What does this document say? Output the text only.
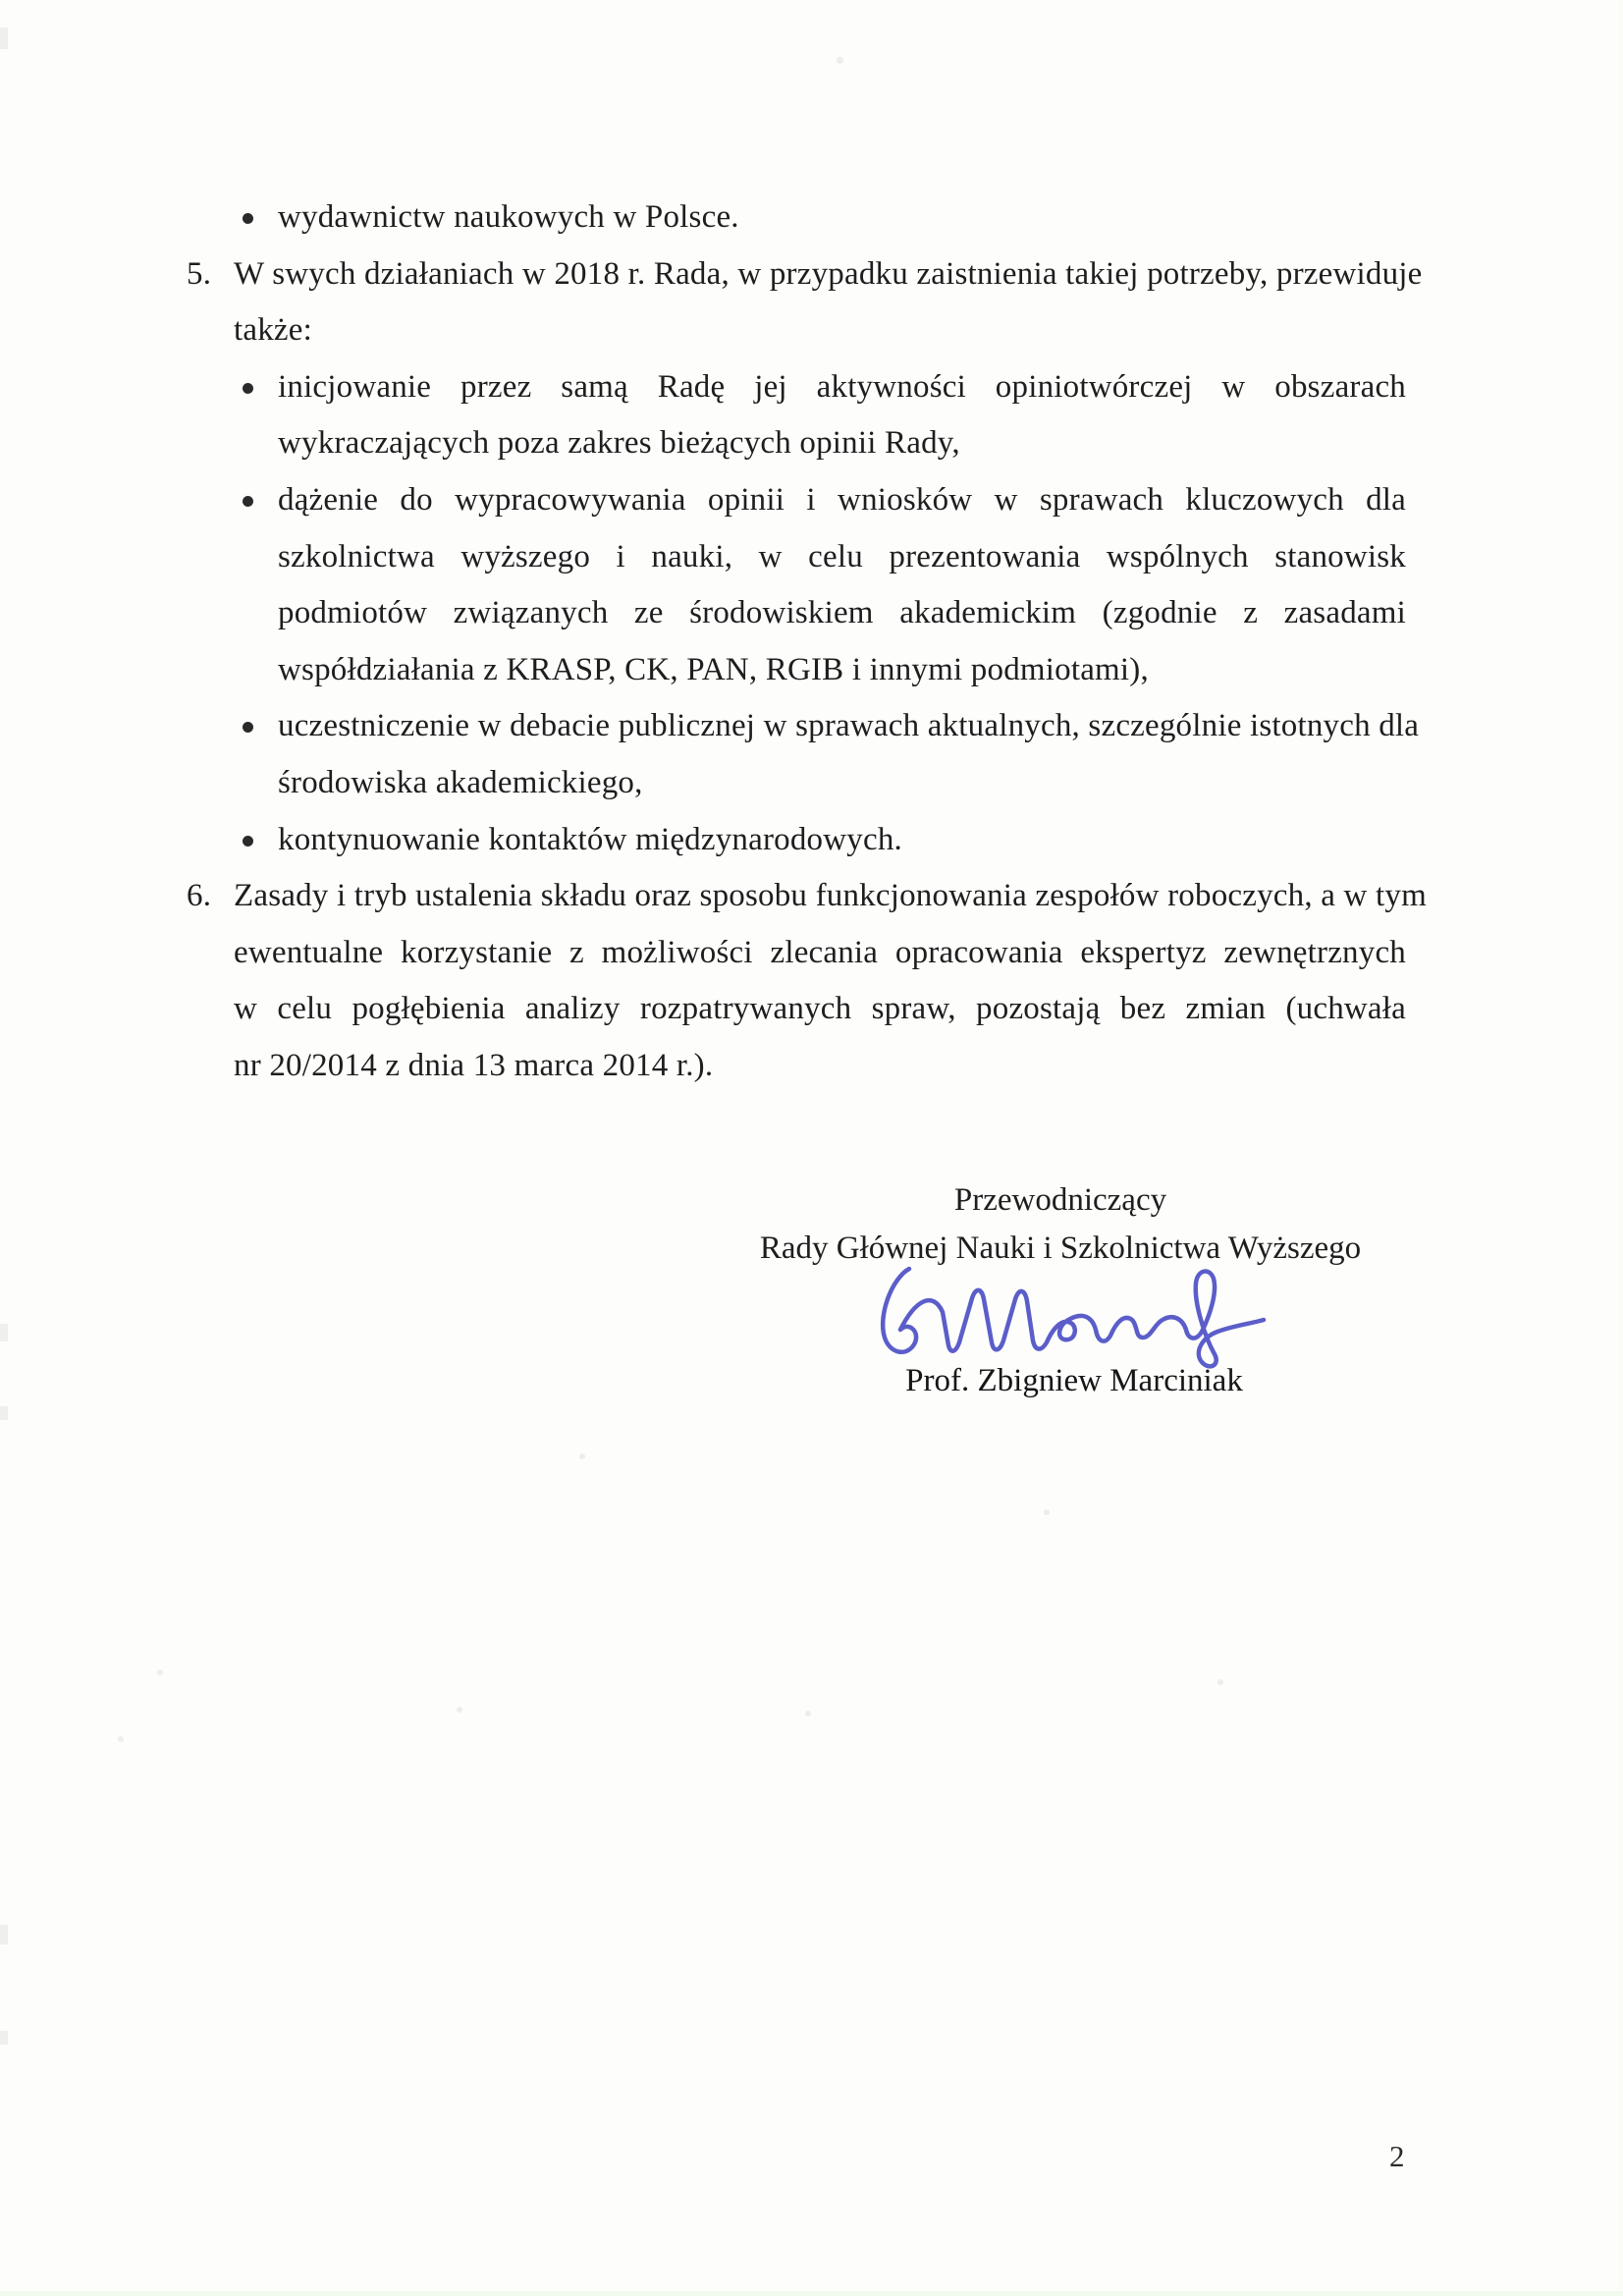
wydawnictw naukowych w Polsce.
5. W swych działaniach w 2018 r. Rada, w przypadku zaistnienia takiej potrzeby, przewiduje
także:
inicjowanie przez samą Radę jej aktywności opiniotwórczej w obszarach
wykraczających poza zakres bieżących opinii Rady,
dążenie do wypracowywania opinii i wniosków w sprawach kluczowych dla
szkolnictwa wyższego i nauki, w celu prezentowania wspólnych stanowisk
podmiotów związanych ze środowiskiem akademickim (zgodnie z zasadami
współdziałania z KRASP, CK, PAN, RGIB i innymi podmiotami),
uczestniczenie w debacie publicznej w sprawach aktualnych, szczególnie istotnych dla
środowiska akademickiego,
kontynuowanie kontaktów międzynarodowych.
6. Zasady i tryb ustalenia składu oraz sposobu funkcjonowania zespołów roboczych, a w tym
ewentualne korzystanie z możliwości zlecania opracowania ekspertyz zewnętrznych
w celu pogłębienia analizy rozpatrywanych spraw, pozostają bez zmian (uchwała
nr 20/2014 z dnia 13 marca 2014 r.).
Przewodniczący
Rady Głównej Nauki i Szkolnictwa Wyższego
Prof. Zbigniew Marciniak
2
